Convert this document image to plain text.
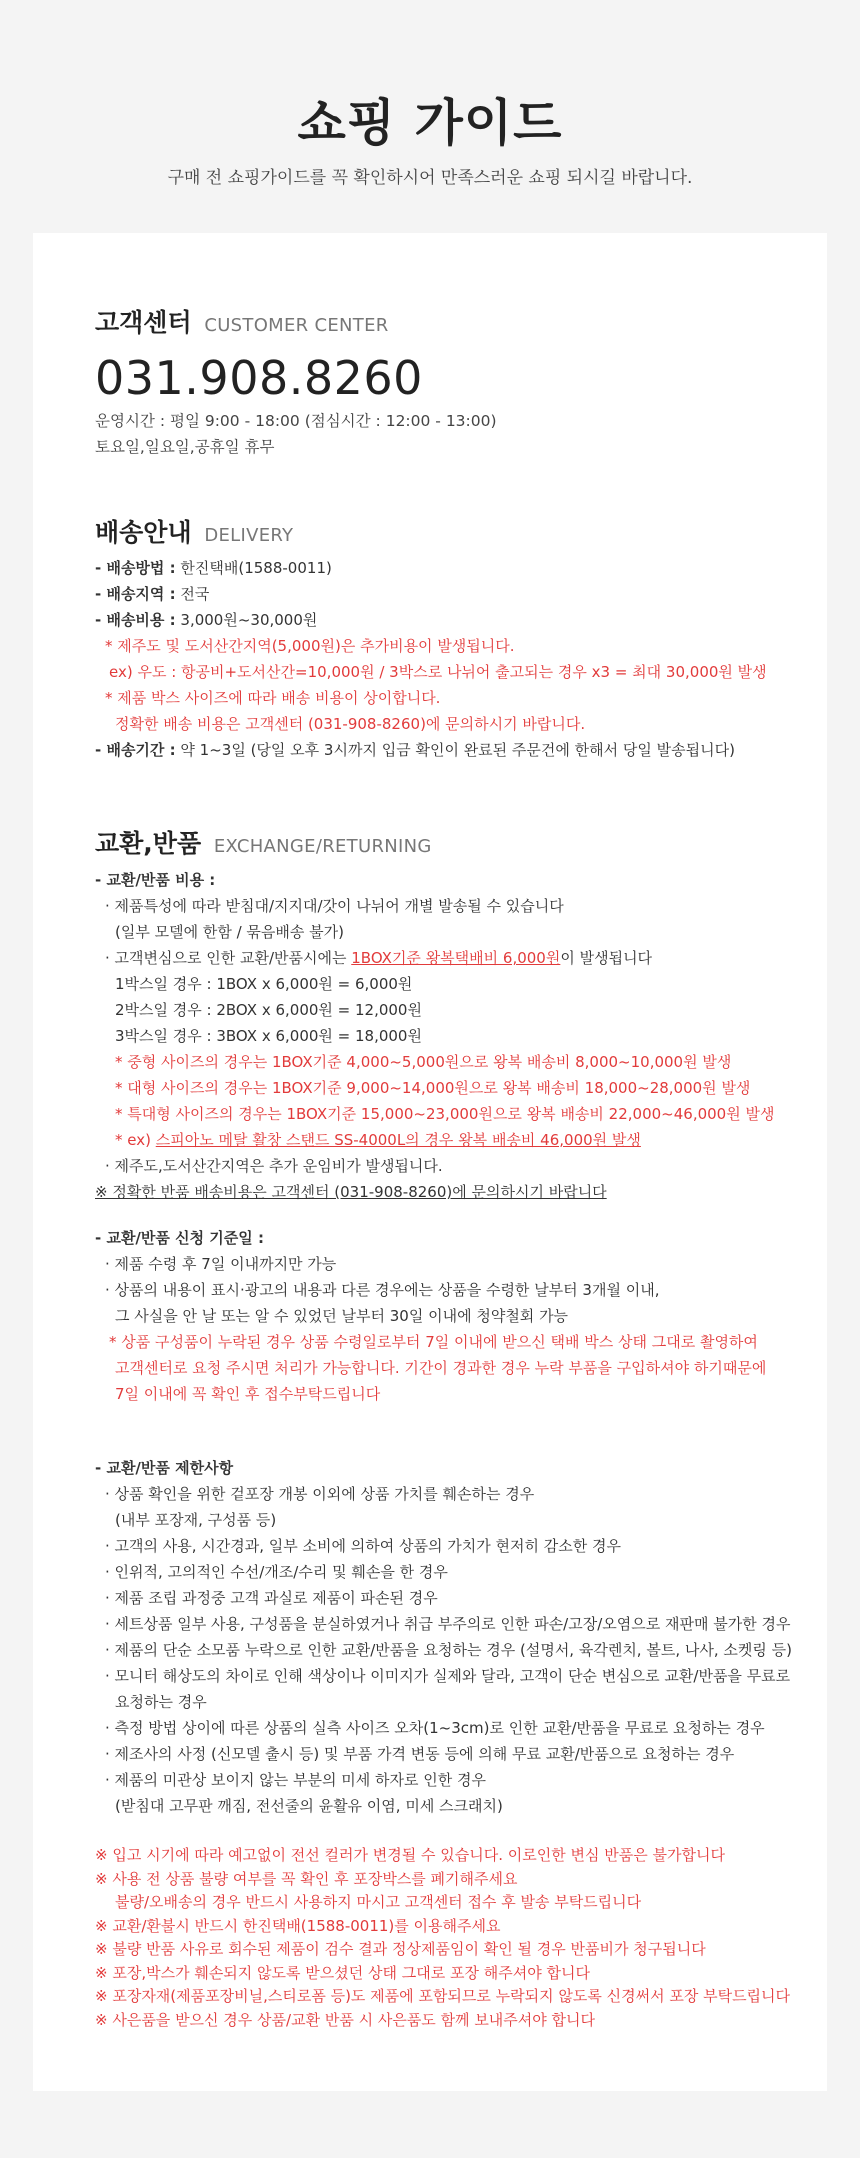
쇼핑 가이드
구매 전 쇼핑가이드를 꼭 확인하시어 만족스러운 쇼핑 되시길 바랍니다.
고객센터 CUSTOMER CENTER
031.908.8260
운영시간 : 평일 9:00 - 18:00 (점심시간 : 12:00 - 13:00)
토요일,일요일,공휴일 휴무
배송안내 DELIVERY
- 배송방법 : 한진택배(1588-0011)
- 배송지역 : 전국
- 배송비용 : 3,000원~30,000원
* 제주도 및 도서산간지역(5,000원)은 추가비용이 발생됩니다.
ex) 우도 : 항공비+도서산간=10,000원 / 3박스로 나뉘어 출고되는 경우 x3 = 최대 30,000원 발생
* 제품 박스 사이즈에 따라 배송 비용이 상이합니다.
정확한 배송 비용은 고객센터 (031-908-8260)에 문의하시기 바랍니다.
- 배송기간 : 약 1~3일 (당일 오후 3시까지 입금 확인이 완료된 주문건에 한해서 당일 발송됩니다)
교환,반품 EXCHANGE/RETURNING
- 교환/반품 비용 :
· 제품특성에 따라 받침대/지지대/갓이 나뉘어 개별 발송될 수 있습니다
(일부 모델에 한함 / 묶음배송 불가)
· 고객변심으로 인한 교환/반품시에는 1BOX기준 왕복택배비 6,000원이 발생됩니다
1박스일 경우 : 1BOX x 6,000원 = 6,000원
2박스일 경우 : 2BOX x 6,000원 = 12,000원
3박스일 경우 : 3BOX x 6,000원 = 18,000원
* 중형 사이즈의 경우는 1BOX기준 4,000~5,000원으로 왕복 배송비 8,000~10,000원 발생
* 대형 사이즈의 경우는 1BOX기준 9,000~14,000원으로 왕복 배송비 18,000~28,000원 발생
* 특대형 사이즈의 경우는 1BOX기준 15,000~23,000원으로 왕복 배송비 22,000~46,000원 발생
* ex) 스피아노 메탈 활창 스탠드 SS-4000L의 경우 왕복 배송비 46,000원 발생
· 제주도,도서산간지역은 추가 운임비가 발생됩니다.
※ 정확한 반품 배송비용은 고객센터 (031-908-8260)에 문의하시기 바랍니다
- 교환/반품 신청 기준일 :
· 제품 수령 후 7일 이내까지만 가능
· 상품의 내용이 표시·광고의 내용과 다른 경우에는 상품을 수령한 날부터 3개월 이내,
그 사실을 안 날 또는 알 수 있었던 날부터 30일 이내에 청약철회 가능
* 상품 구성품이 누락된 경우 상품 수령일로부터 7일 이내에 받으신 택배 박스 상태 그대로 촬영하여
고객센터로 요청 주시면 처리가 가능합니다. 기간이 경과한 경우 누락 부품을 구입하셔야 하기때문에
7일 이내에 꼭 확인 후 접수부탁드립니다
- 교환/반품 제한사항
· 상품 확인을 위한 겉포장 개봉 이외에 상품 가치를 훼손하는 경우
(내부 포장재, 구성품 등)
· 고객의 사용, 시간경과, 일부 소비에 의하여 상품의 가치가 현저히 감소한 경우
· 인위적, 고의적인 수선/개조/수리 및 훼손을 한 경우
· 제품 조립 과정중 고객 과실로 제품이 파손된 경우
· 세트상품 일부 사용, 구성품을 분실하였거나 취급 부주의로 인한 파손/고장/오염으로 재판매 불가한 경우
· 제품의 단순 소모품 누락으로 인한 교환/반품을 요청하는 경우 (설명서, 육각렌치, 볼트, 나사, 소켓링 등)
· 모니터 해상도의 차이로 인해 색상이나 이미지가 실제와 달라, 고객이 단순 변심으로 교환/반품을 무료로
요청하는 경우
· 측정 방법 상이에 따른 상품의 실측 사이즈 오차(1~3cm)로 인한 교환/반품을 무료로 요청하는 경우
· 제조사의 사정 (신모델 출시 등) 및 부품 가격 변동 등에 의해 무료 교환/반품으로 요청하는 경우
· 제품의 미관상 보이지 않는 부분의 미세 하자로 인한 경우
(받침대 고무판 깨짐, 전선줄의 윤활유 이염, 미세 스크래치)
※ 입고 시기에 따라 예고없이 전선 컬러가 변경될 수 있습니다. 이로인한 변심 반품은 불가합니다
※ 사용 전 상품 불량 여부를 꼭 확인 후 포장박스를 폐기해주세요
불량/오배송의 경우 반드시 사용하지 마시고 고객센터 접수 후 발송 부탁드립니다
※ 교환/환불시 반드시 한진택배(1588-0011)를 이용해주세요
※ 불량 반품 사유로 회수된 제품이 검수 결과 정상제품임이 확인 될 경우 반품비가 청구됩니다
※ 포장,박스가 훼손되지 않도록 받으셨던 상태 그대로 포장 해주셔야 합니다
※ 포장자재(제품포장비닐,스티로폼 등)도 제품에 포함되므로 누락되지 않도록 신경써서 포장 부탁드립니다
※ 사은품을 받으신 경우 상품/교환 반품 시 사은품도 함께 보내주셔야 합니다
